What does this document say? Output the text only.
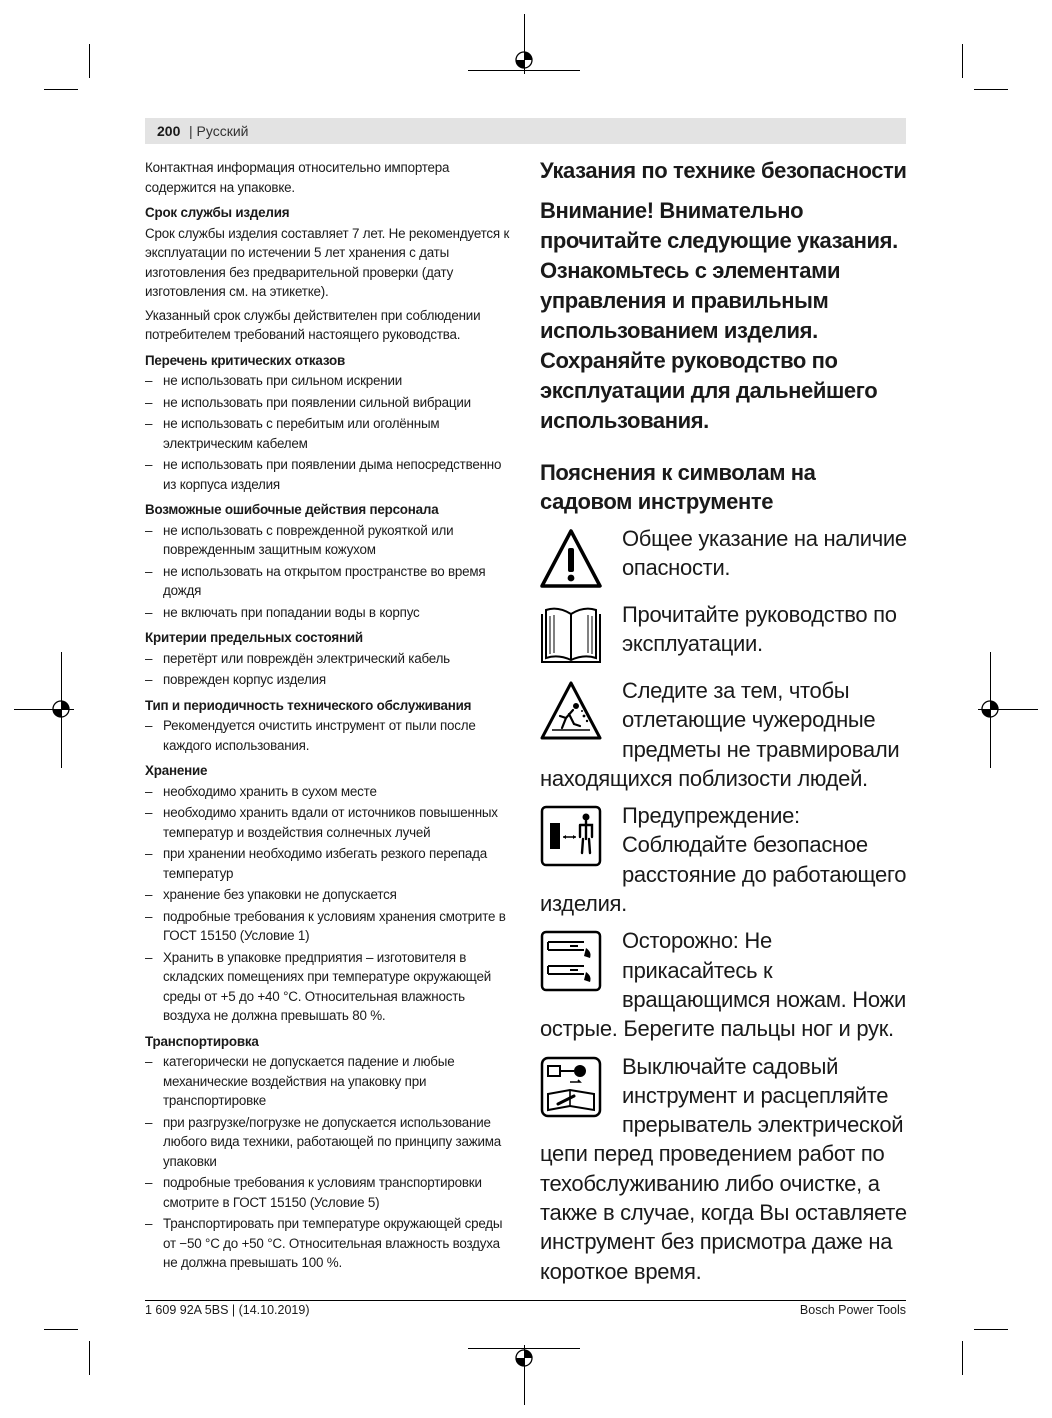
200 | Русский

Контактная информация относительно импортера содержится на упаковке.

Срок службы изделия

Срок службы изделия составляет 7 лет. Не рекомендуется к эксплуатации по истечении 5 лет хранения с даты изготовления без предварительной проверки (дату изготовления см. на этикетке).

Указанный срок службы действителен при соблюдении потребителем требований настоящего руководства.

Перечень критических отказов
– не использовать при сильном искрении
– не использовать при появлении сильной вибрации
– не использовать с перебитым или оголённым электрическим кабелем
– не использовать при появлении дыма непосредственно из корпуса изделия
Возможные ошибочные действия персонала
– не использовать с поврежденной рукояткой или поврежденным защитным кожухом
– не использовать на открытом пространстве во время дождя
– не включать при попадании воды в корпус
Критерии предельных состояний
– перетёрт или повреждён электрический кабель
– поврежден корпус изделия
Тип и периодичность технического обслуживания
– Рекомендуется очистить инструмент от пыли после каждого использования.
Хранение
– необходимо хранить в сухом месте
– необходимо хранить вдали от источников повышенных температур и воздействия солнечных лучей
– при хранении необходимо избегать резкого перепада температур
– хранение без упаковки не допускается
– подробные требования к условиям хранения смотрите в ГОСТ 15150 (Условие 1)
– Хранить в упаковке предприятия – изготовителя в складских помещениях при температуре окружающей среды от +5 до +40 °C. Относительная влажность воздуха не должна превышать 80 %.
Транспортировка
– категорически не допускается падение и любые механические воздействия на упаковку при транспортировке
– при разгрузке/погрузке не допускается использование любого вида техники, работающей по принципу зажима упаковки
– подробные требования к условиям транспортировки смотрите в ГОСТ 15150 (Условие 5)
– Транспортировать при температуре окружающей среды от −50 °C до +50 °C. Относительная влажность воздуха не должна превышать 100 %.
Указания по технике безопасности
Внимание! Внимательно прочитайте следующие указания. Ознакомьтесь с элементами управления и правильным использованием изделия. Сохраняйте руководство по эксплуатации для дальнейшего использования.
Пояснения к символам на садовом инструменте
Общее указание на наличие опасности.
Прочитайте руководство по эксплуатации.
Следите за тем, чтобы отлетающие чужеродные предметы не травмировали находящихся поблизости людей.
Предупреждение: Соблюдайте безопасное расстояние до работающего изделия.
Осторожно: Не прикасайтесь к вращающимся ножам. Ножи острые. Берегите пальцы ног и рук.
Выключайте садовый инструмент и расцепляйте прерыватель электрической цепи перед проведением работ по техобслуживанию либо очистке, а также в случае, когда Вы оставляете инструмент без присмотра даже на короткое время.
1 609 92A 5BS | (14.10.2019)	Bosch Power Tools
